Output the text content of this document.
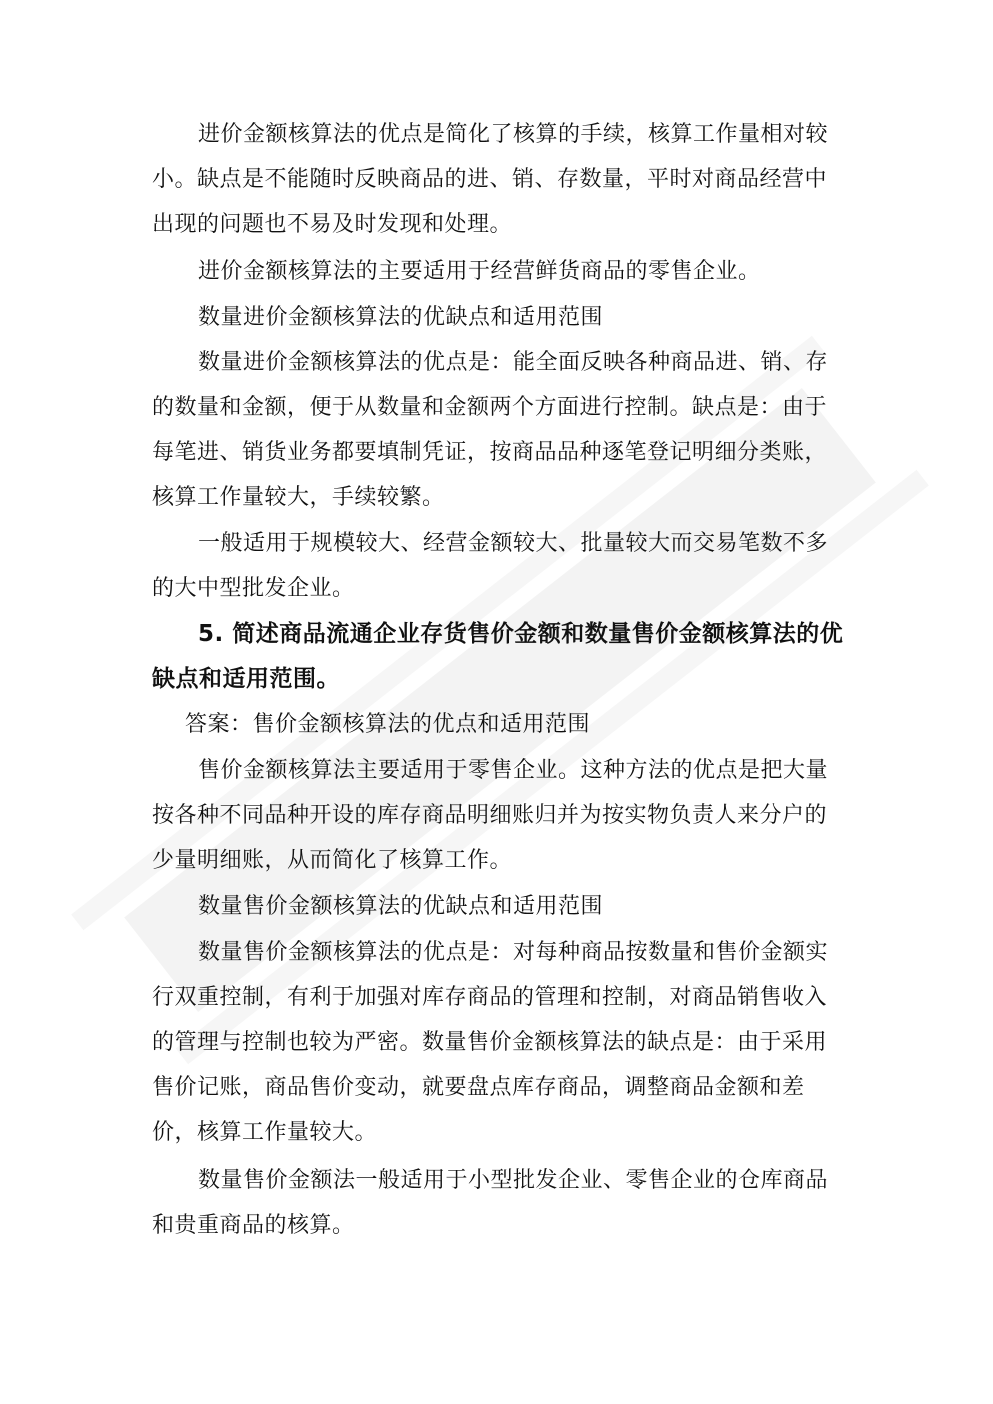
进价金额核算法的优点是简化了核算的手续，核算工作量相对较小。缺点是不能随时反映商品的进、销、存数量，平时对商品经营中出现的问题也不易及时发现和处理。
进价金额核算法的主要适用于经营鲜货商品的零售企业。
数量进价金额核算法的优缺点和适用范围
数量进价金额核算法的优点是：能全面反映各种商品进、销、存的数量和金额，便于从数量和金额两个方面进行控制。缺点是：由于每笔进、销货业务都要填制凭证，按商品品种逐笔登记明细分类账，核算工作量较大，手续较繁。
一般适用于规模较大、经营金额较大、批量较大而交易笔数不多的大中型批发企业。
5. 简述商品流通企业存货售价金额和数量售价金额核算法的优缺点和适用范围。
答案：售价金额核算法的优点和适用范围
售价金额核算法主要适用于零售企业。这种方法的优点是把大量按各种不同品种开设的库存商品明细账归并为按实物负责人来分户的少量明细账，从而简化了核算工作。
数量售价金额核算法的优缺点和适用范围
数量售价金额核算法的优点是：对每种商品按数量和售价金额实行双重控制，有利于加强对库存商品的管理和控制，对商品销售收入的管理与控制也较为严密。数量售价金额核算法的缺点是：由于采用售价记账，商品售价变动，就要盘点库存商品，调整商品金额和差价，核算工作量较大。
数量售价金额法一般适用于小型批发企业、零售企业的仓库商品和贵重商品的核算。
